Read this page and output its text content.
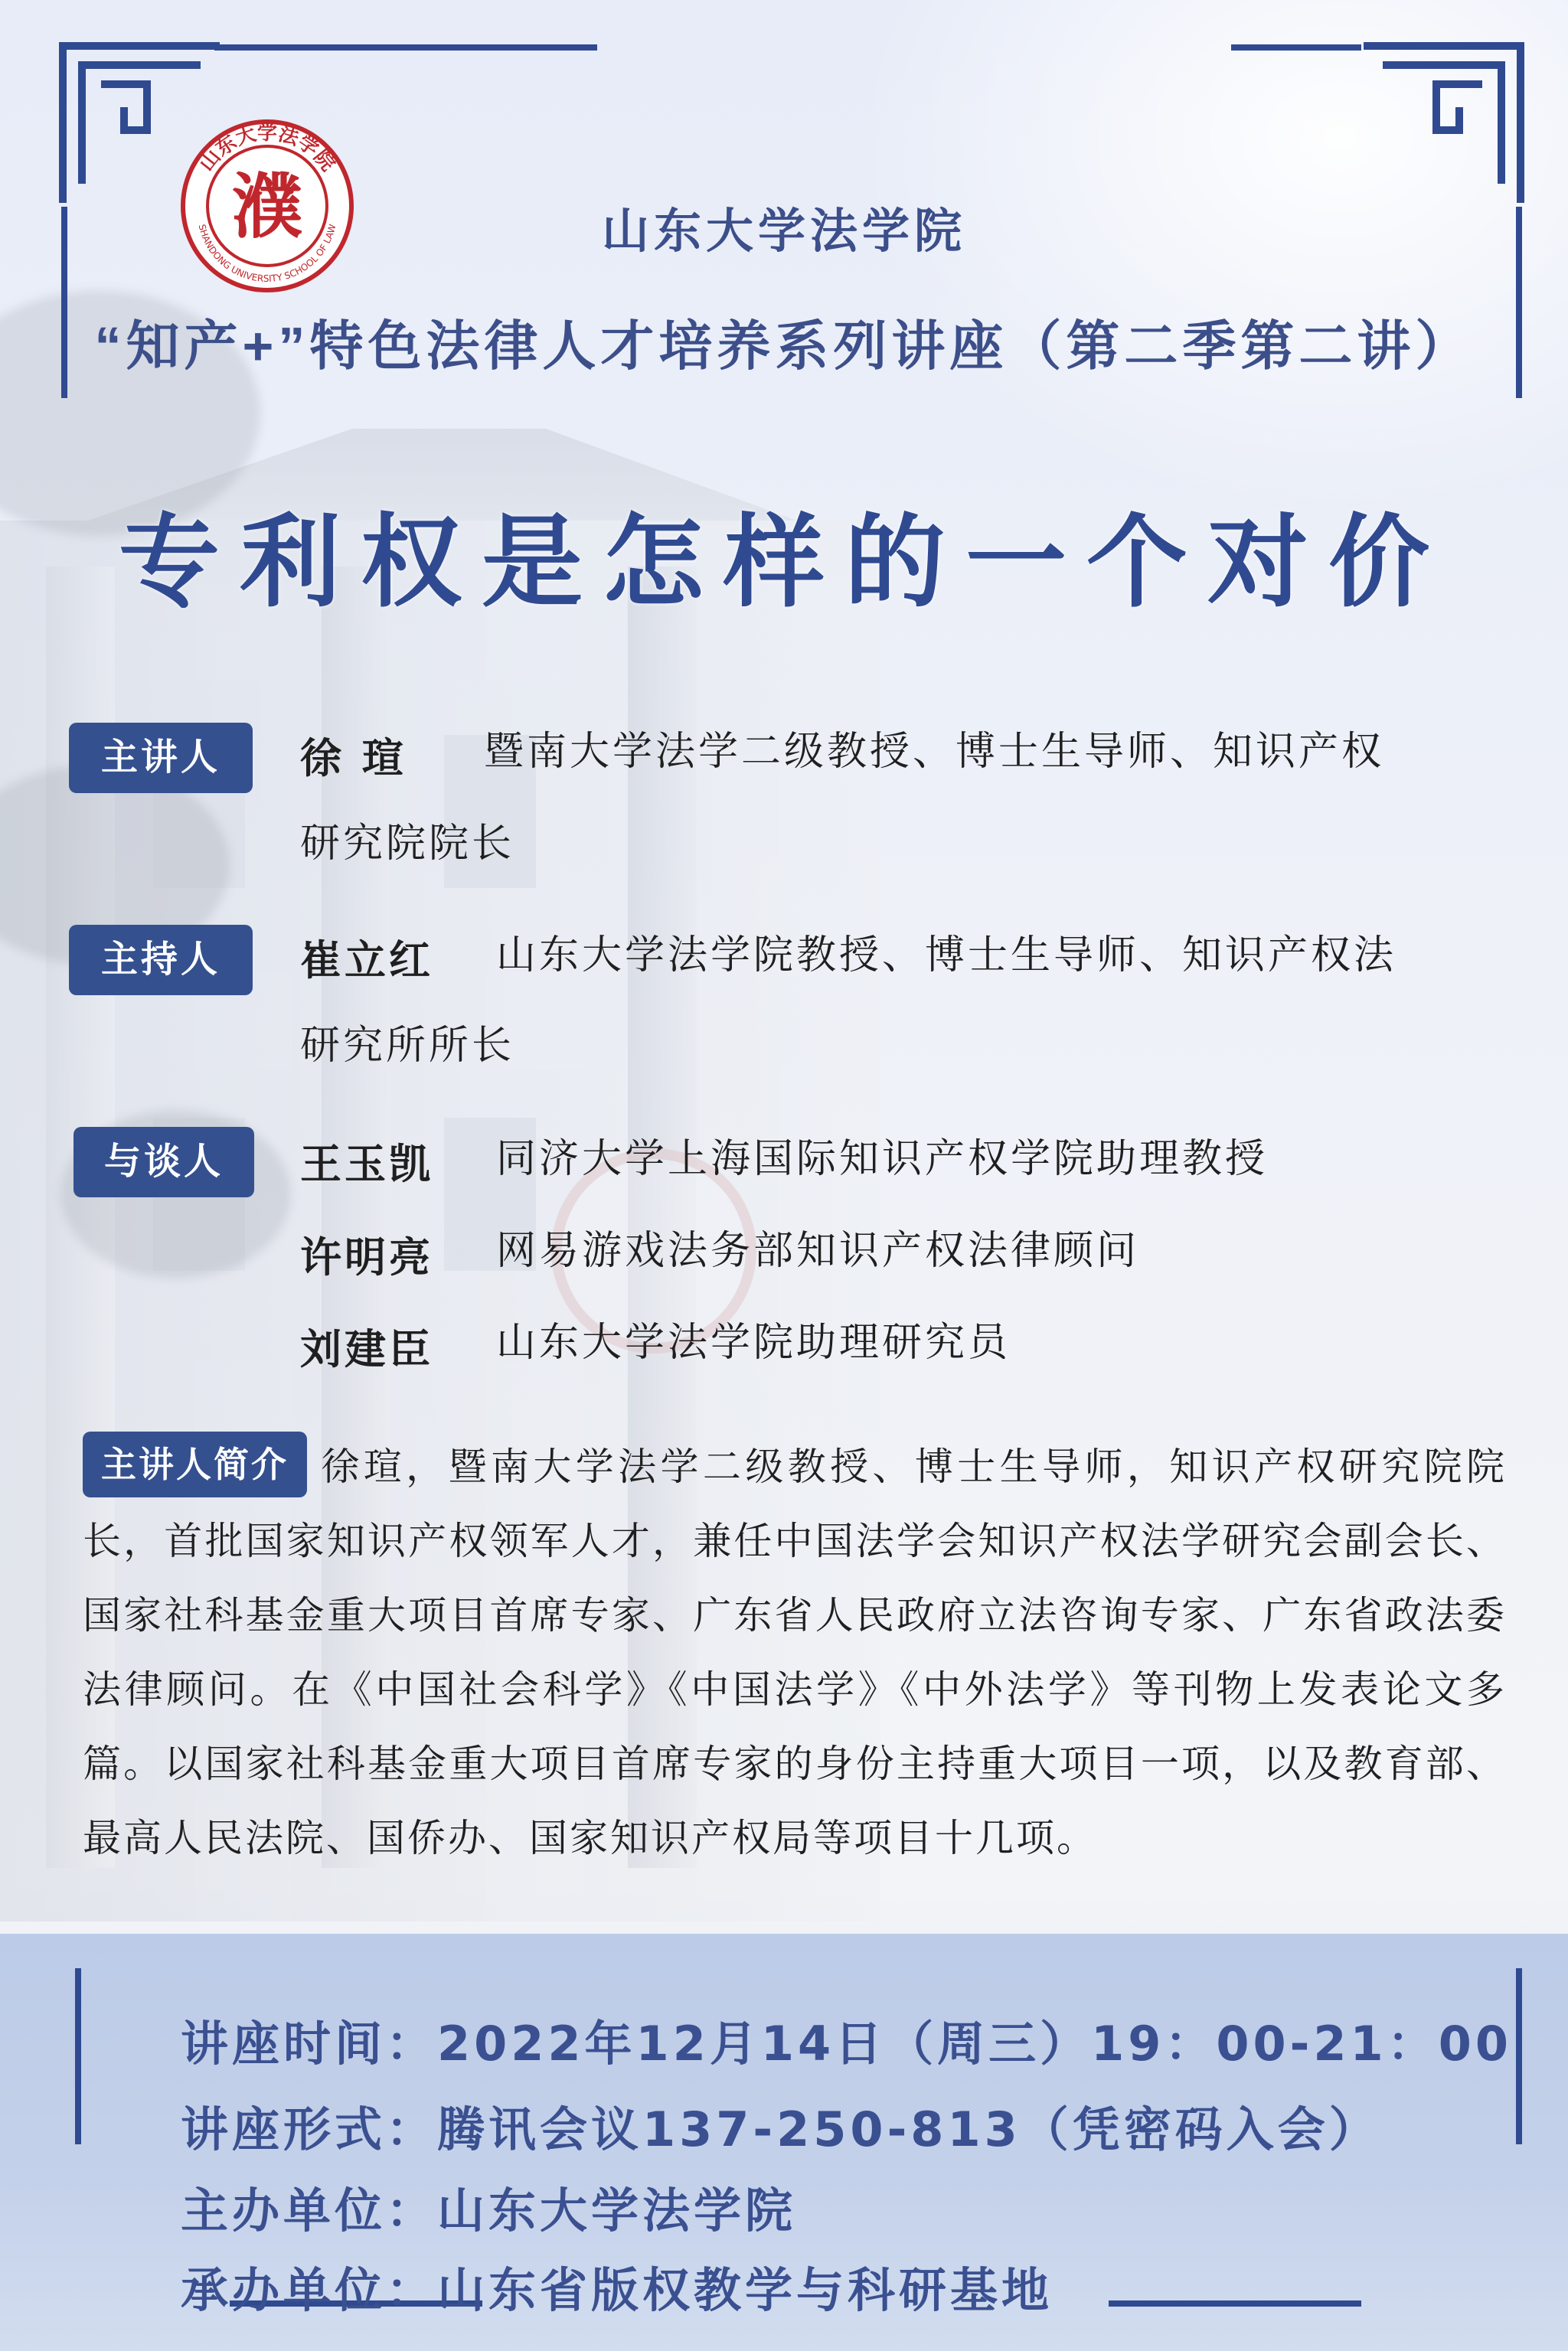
山东大学法学院
SHANDONG UNIVERSITY SCHOOL OF LAW
濮	山东大学法学院
“知产+”特色法律人才培养系列讲座（第二季第二讲）
专利权是怎样的一个对价
主讲人	徐 瑄 暨南大学法学二级教授、博士生导师、知识产权
研究院院长
主持人	崔立红 山东大学法学院教授、博士生导师、知识产权法
研究所所长
与谈人	王玉凯 同济大学上海国际知识产权学院助理教授
许明亮 网易游戏法务部知识产权法律顾问
刘建臣 山东大学法学院助理研究员
主讲人简介 徐瑄，暨南大学法学二级教授、博士生导师，知识产权研究院院长，首批国家知识产权领军人才，兼任中国法学会知识产权法学研究会副会长、国家社科基金重大项目首席专家、广东省人民政府立法咨询专家、广东省政法委法律顾问。在《中国社会科学》《中国法学》《中外法学》等刊物上发表论文多篇。以国家社科基金重大项目首席专家的身份主持重大项目一项，以及教育部、最高人民法院、国侨办、国家知识产权局等项目十几项。
讲座时间：2022年12月14日（周三）19：00-21：00
讲座形式：腾讯会议137-250-813（凭密码入会）
主办单位：山东大学法学院
承办单位：山东省版权教学与科研基地
